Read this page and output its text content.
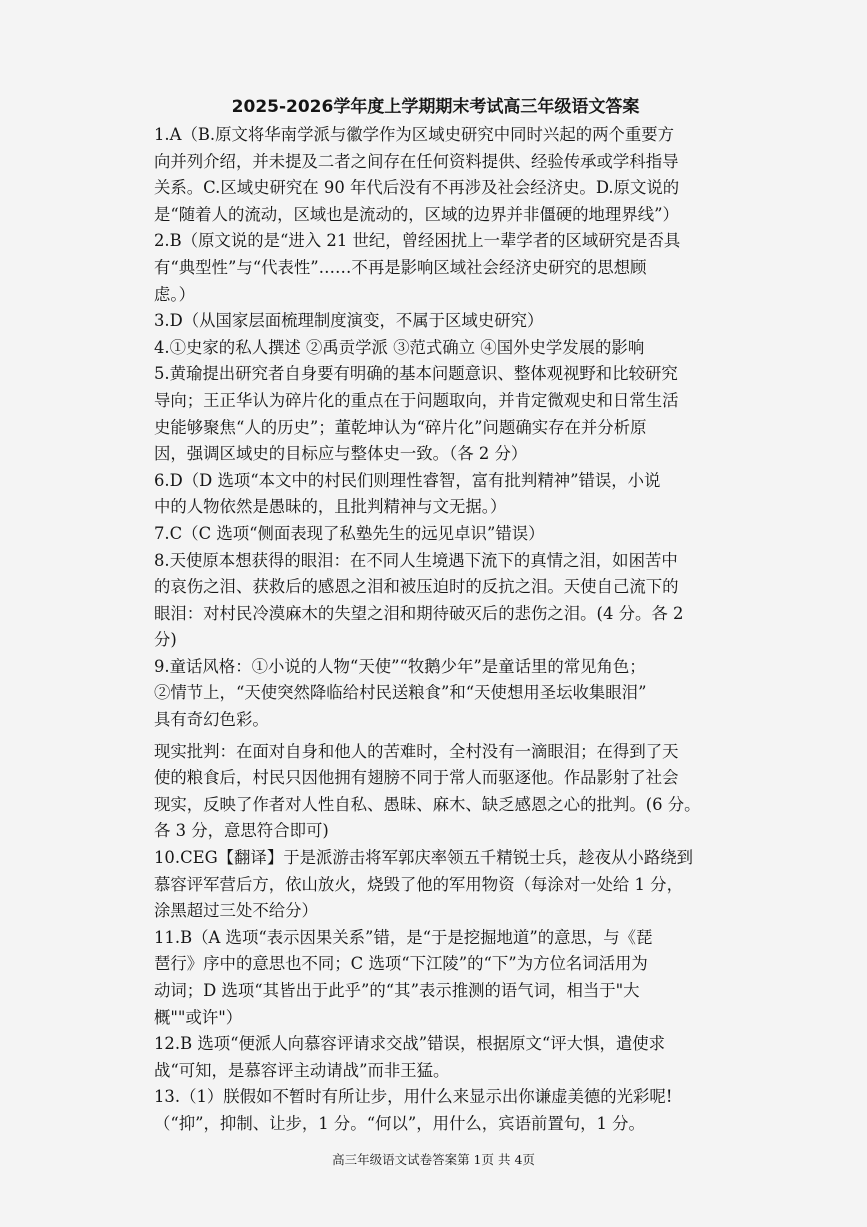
2025-2026学年度上学期期末考试高三年级语文答案
1.A（B.原文将华南学派与徽学作为区域史研究中同时兴起的两个重要方
向并列介绍，并未提及二者之间存在任何资料提供、经验传承或学科指导
关系。C.区域史研究在 90 年代后没有不再涉及社会经济史。D.原文说的
是“随着人的流动，区域也是流动的，区域的边界并非僵硬的地理界线”）
2.B（原文说的是“进入 21 世纪，曾经困扰上一辈学者的区域研究是否具
有“典型性”与“代表性”……不再是影响区域社会经济史研究的思想顾
虑。）
3.D（从国家层面梳理制度演变，不属于区域史研究）
4.①史家的私人撰述 ②禹贡学派 ③范式确立 ④国外史学发展的影响
5.黄瑜提出研究者自身要有明确的基本问题意识、整体观视野和比较研究
导向；王正华认为碎片化的重点在于问题取向，并肯定微观史和日常生活
史能够聚焦“人的历史”；董乾坤认为“碎片化”问题确实存在并分析原
因，强调区域史的目标应与整体史一致。（各 2 分）
6.D（D 选项“本文中的村民们则理性睿智，富有批判精神”错误，小说
中的人物依然是愚昧的，且批判精神与文无据。）
7.C（C 选项“侧面表现了私塾先生的远见卓识”错误）
8.天使原本想获得的眼泪：在不同人生境遇下流下的真情之泪，如困苦中
的哀伤之泪、获救后的感恩之泪和被压迫时的反抗之泪。天使自己流下的
眼泪：对村民冷漠麻木的失望之泪和期待破灭后的悲伤之泪。(4 分。各 2
分)
9.童话风格：①小说的人物“天使”“牧鹅少年”是童话里的常见角色；
②情节上，“天使突然降临给村民送粮食”和“天使想用圣坛收集眼泪”
具有奇幻色彩。
现实批判：在面对自身和他人的苦难时，全村没有一滴眼泪；在得到了天
使的粮食后，村民只因他拥有翅膀不同于常人而驱逐他。作品影射了社会
现实，反映了作者对人性自私、愚昧、麻木、缺乏感恩之心的批判。(6 分。
各 3 分，意思符合即可)
10.CEG【翻译】于是派游击将军郭庆率领五千精锐士兵，趁夜从小路绕到
慕容评军营后方，依山放火，烧毁了他的军用物资（每涂对一处给 1 分，
涂黑超过三处不给分）
11.B（A 选项“表示因果关系”错，是“于是挖掘地道”的意思，与《琵
琶行》序中的意思也不同；C 选项“下江陵”的“下”为方位名词活用为
动词；D 选项“其皆出于此乎”的“其”表示推测的语气词，相当于"大
概""或许"）
12.B 选项“便派人向慕容评请求交战”错误，根据原文“评大惧，遣使求
战“可知，是慕容评主动请战”而非王猛。
13.（1）朕假如不暂时有所让步，用什么来显示出你谦虚美德的光彩呢!
（“抑”，抑制、让步，1 分。“何以”，用什么，宾语前置句，1 分。
高三年级语文试卷答案第 1页 共 4页
